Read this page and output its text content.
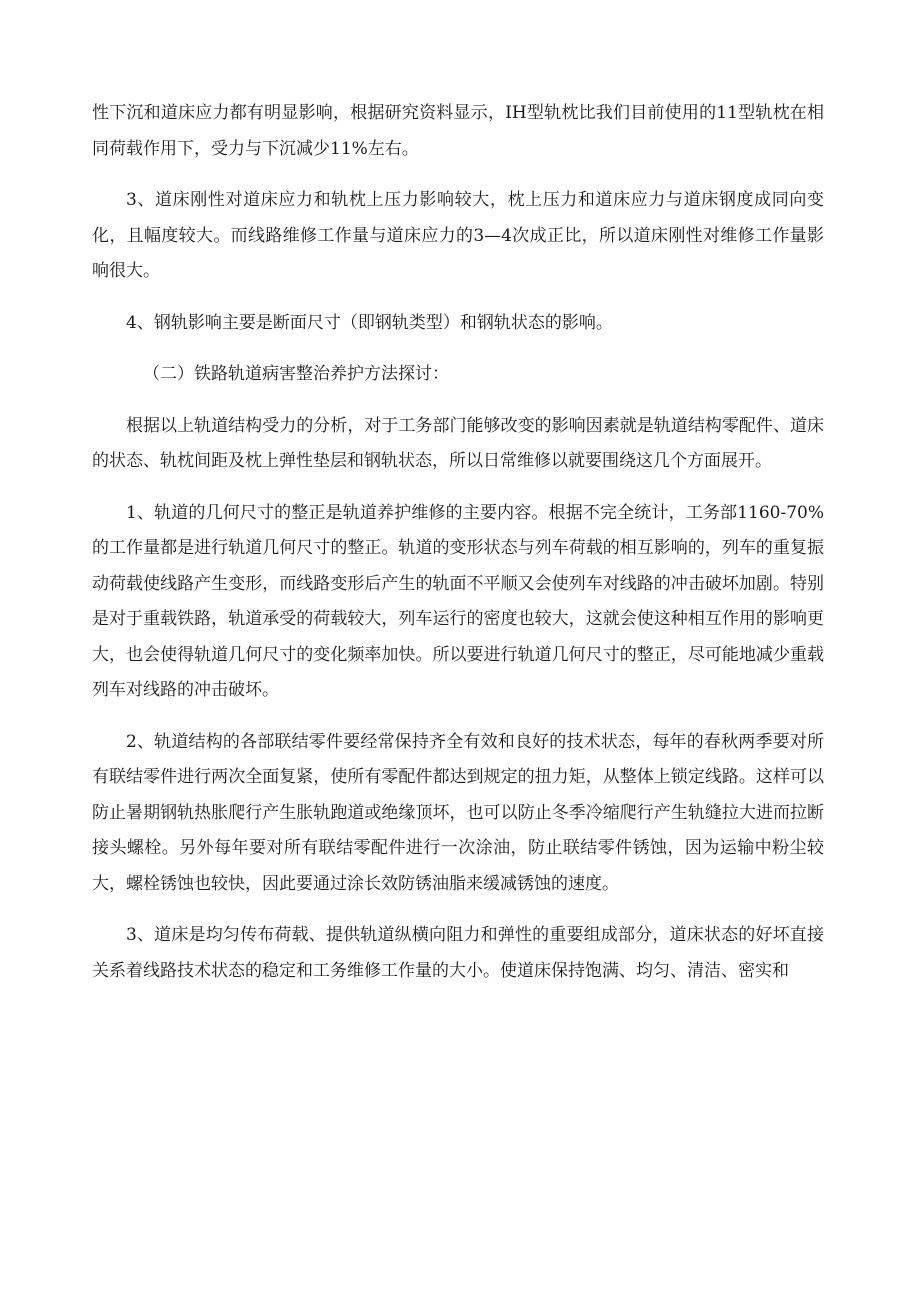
性下沉和道床应力都有明显影响，根据研究资料显示，IH型轨枕比我们目前使用的11型轨枕在相同荷载作用下，受力与下沉减少11%左右。

3、道床刚性对道床应力和轨枕上压力影响较大，枕上压力和道床应力与道床钢度成同向变化，且幅度较大。而线路维修工作量与道床应力的3—4次成正比，所以道床刚性对维修工作量影响很大。

4、钢轨影响主要是断面尺寸（即钢轨类型）和钢轨状态的影响。

（二）铁路轨道病害整治养护方法探讨：

根据以上轨道结构受力的分析，对于工务部门能够改变的影响因素就是轨道结构零配件、道床的状态、轨枕间距及枕上弹性垫层和钢轨状态，所以日常维修以就要围绕这几个方面展开。

1、轨道的几何尺寸的整正是轨道养护维修的主要内容。根据不完全统计，工务部1160-70%的工作量都是进行轨道几何尺寸的整正。轨道的变形状态与列车荷载的相互影响的，列车的重复振动荷载使线路产生变形，而线路变形后产生的轨面不平顺又会使列车对线路的冲击破坏加剧。特别是对于重载铁路，轨道承受的荷载较大，列车运行的密度也较大，这就会使这种相互作用的影响更大，也会使得轨道几何尺寸的变化频率加快。所以要进行轨道几何尺寸的整正，尽可能地减少重载列车对线路的冲击破坏。

2、轨道结构的各部联结零件要经常保持齐全有效和良好的技术状态，每年的春秋两季要对所有联结零件进行两次全面复紧，使所有零配件都达到规定的扭力矩，从整体上锁定线路。这样可以防止暑期钢轨热胀爬行产生胀轨跑道或绝缘顶坏，也可以防止冬季冷缩爬行产生轨缝拉大进而拉断接头螺栓。另外每年要对所有联结零配件进行一次涂油，防止联结零件锈蚀，因为运输中粉尘较大，螺栓锈蚀也较快，因此要通过涂长效防锈油脂来缓减锈蚀的速度。

3、道床是均匀传布荷载、提供轨道纵横向阻力和弹性的重要组成部分，道床状态的好坏直接关系着线路技术状态的稳定和工务维修工作量的大小。使道床保持饱满、均匀、清洁、密实和
